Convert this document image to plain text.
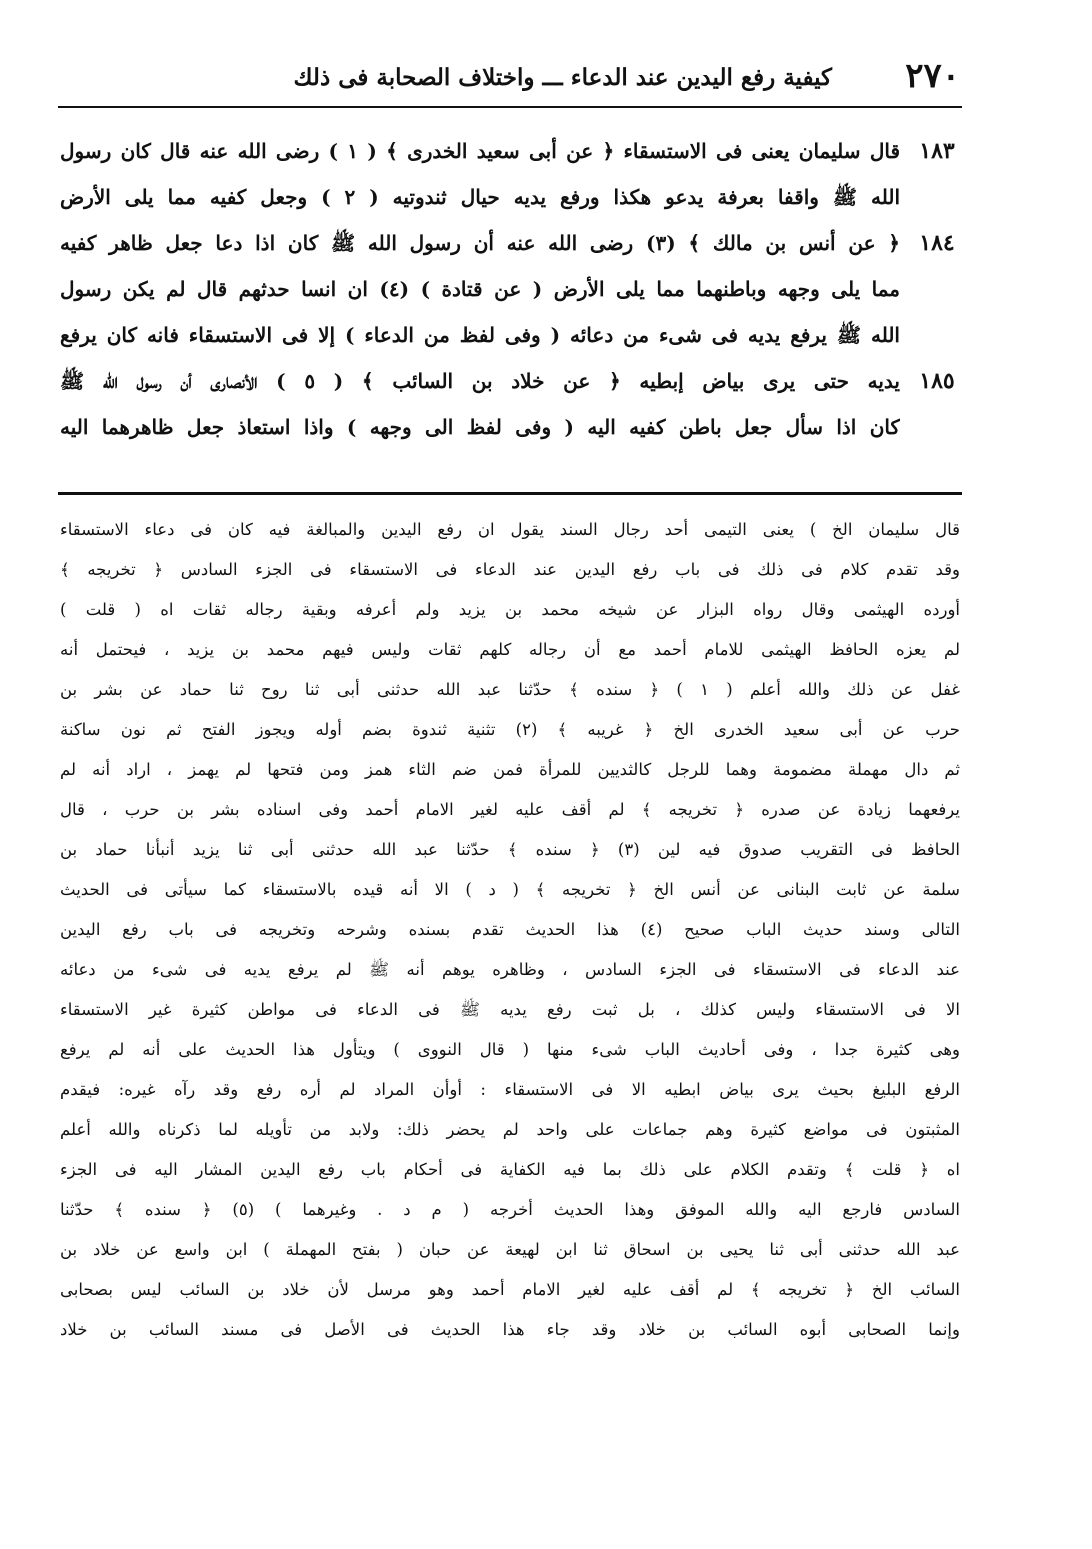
٢٧٠
كيفية رفع اليدين عند الدعاء ـــ واختلاف الصحابة فى ذلك
١٨٣
قال سليمان يعنى فى الاستسقاء ﴿ عن أبى سعيد الخدرى ﴾ ( ١ ) رضى الله عنه قال كان رسول
الله ﷺ واقفا بعرفة يدعو هكذا ورفع يديه حيال ثندوتيه ( ٢ ) وجعل كفيه مما يلى الأرض
١٨٤
﴿ عن أنس بن مالك ﴾ (٣) رضى الله عنه أن رسول الله ﷺ كان اذا دعا جعل ظاهر كفيه
مما يلى وجهه وباطنهما مما يلى الأرض ( عن قتادة ) (٤) ان انسا حدثهم قال لم يكن رسول
الله ﷺ يرفع يديه فى شىء من دعائه ( وفى لفظ من الدعاء ) إلا فى الاستسقاء فانه كان يرفع
١٨٥
يديه حتى يرى بياض إبطيه ﴿ عن خلاد بن السائب ﴾ ( ٥ ) الأنصارى أن رسول الله ﷺ
كان اذا سأل جعل باطن كفيه اليه ( وفى لفظ الى وجهه ) واذا استعاذ جعل ظاهرهما اليه
قال سليمان الخ ) يعنى التيمى أحد رجال السند يقول ان رفع اليدين والمبالغة فيه كان فى دعاء الاستسقاء
وقد تقدم كلام فى ذلك فى باب رفع اليدين عند الدعاء فى الاستسقاء فى الجزء السادس ﴿ تخريجه ﴾
أورده الهيثمى وقال رواه البزار عن شيخه محمد بن يزيد ولم أعرفه وبقية رجاله ثقات اه ( قلت )
لم يعزه الحافظ الهيثمى للامام أحمد مع أن رجاله كلهم ثقات وليس فيهم محمد بن يزيد ، فيحتمل أنه
غفل عن ذلك والله أعلم ( ١ ) ﴿ سنده ﴾ حدّثنا عبد الله حدثنى أبى ثنا روح ثنا حماد عن بشر بن
حرب عن أبى سعيد الخدرى الخ ﴿ غريبه ﴾ (٢) تثنية ثندوة بضم أوله ويجوز الفتح ثم نون ساكنة
ثم دال مهملة مضمومة وهما للرجل كالثديين للمرأة فمن ضم الثاء همز ومن فتحها لم يهمز ، اراد أنه لم
يرفعهما زيادة عن صدره ﴿ تخريجه ﴾ لم أقف عليه لغير الامام أحمد وفى اسناده بشر بن حرب ، قال
الحافظ فى التقريب صدوق فيه لين (٣) ﴿ سنده ﴾ حدّثنا عبد الله حدثنى أبى ثنا يزيد أنبأنا حماد بن
سلمة عن ثابت البنانى عن أنس الخ ﴿ تخريجه ﴾ ( د ) الا أنه قيده بالاستسقاء كما سيأتى فى الحديث
التالى وسند حديث الباب صحيح (٤) هذا الحديث تقدم بسنده وشرحه وتخريجه فى باب رفع اليدين
عند الدعاء فى الاستسقاء فى الجزء السادس ، وظاهره يوهم أنه ﷺ لم يرفع يديه فى شىء من دعائه
الا فى الاستسقاء وليس كذلك ، بل ثبت رفع يديه ﷺ فى الدعاء فى مواطن كثيرة غير الاستسقاء
وهى كثيرة جدا ، وفى أحاديث الباب شىء منها ( قال النووى ) ويتأول هذا الحديث على أنه لم يرفع
الرفع البليغ بحيث يرى بياض ابطيه الا فى الاستسقاء : أوأن المراد لم أره رفع وقد رآه غيره: فيقدم
المثبتون فى مواضع كثيرة وهم جماعات على واحد لم يحضر ذلك: ولابد من تأويله لما ذكرناه والله أعلم
اه ﴿ قلت ﴾ وتقدم الكلام على ذلك بما فيه الكفاية فى أحكام باب رفع اليدين المشار اليه فى الجزء
السادس فارجع اليه والله الموفق وهذا الحديث أخرجه ( م د . وغيرهما ) (٥) ﴿ سنده ﴾ حدّثنا
عبد الله حدثنى أبى ثنا يحيى بن اسحاق ثنا ابن لهيعة عن حبان ( بفتح المهملة ) ابن واسع عن خلاد بن
السائب الخ ﴿ تخريجه ﴾ لم أقف عليه لغير الامام أحمد وهو مرسل لأن خلاد بن السائب ليس بصحابى
وإنما الصحابى أبوه السائب بن خلاد وقد جاء هذا الحديث فى الأصل فى مسند السائب بن خلاد
